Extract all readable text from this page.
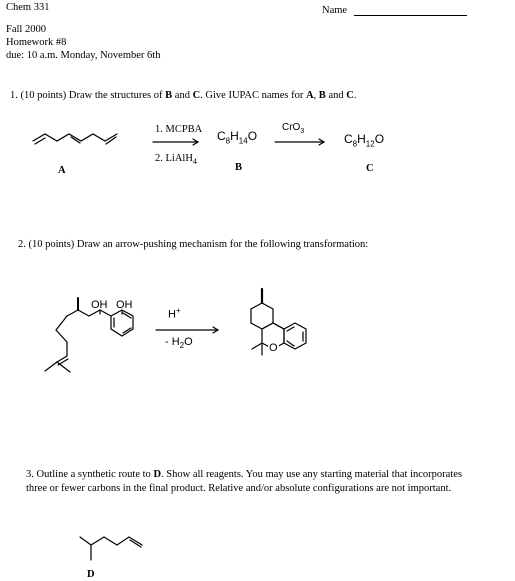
Chem 331	Name
Fall 2000
Homework #8
due: 10 a.m. Monday, November 6th
1. (10 points) Draw the structures of B and C. Give IUPAC names for A, B and C.
1. MCPBA
2. LiAlH$_4$
$C_8H_{14}O$
CrO$_3$
$C_8H_{12}O$
A	B	C
2. (10 points) Draw an arrow-pushing mechanism for the following transformation:
OH OH
H+
- $H_2O$	O
3. Outline a synthetic route to D. Show all reagents. You may use any starting material that incorporates
three or fewer carbons in the final product. Relative and/or absolute configurations are not important.
D
